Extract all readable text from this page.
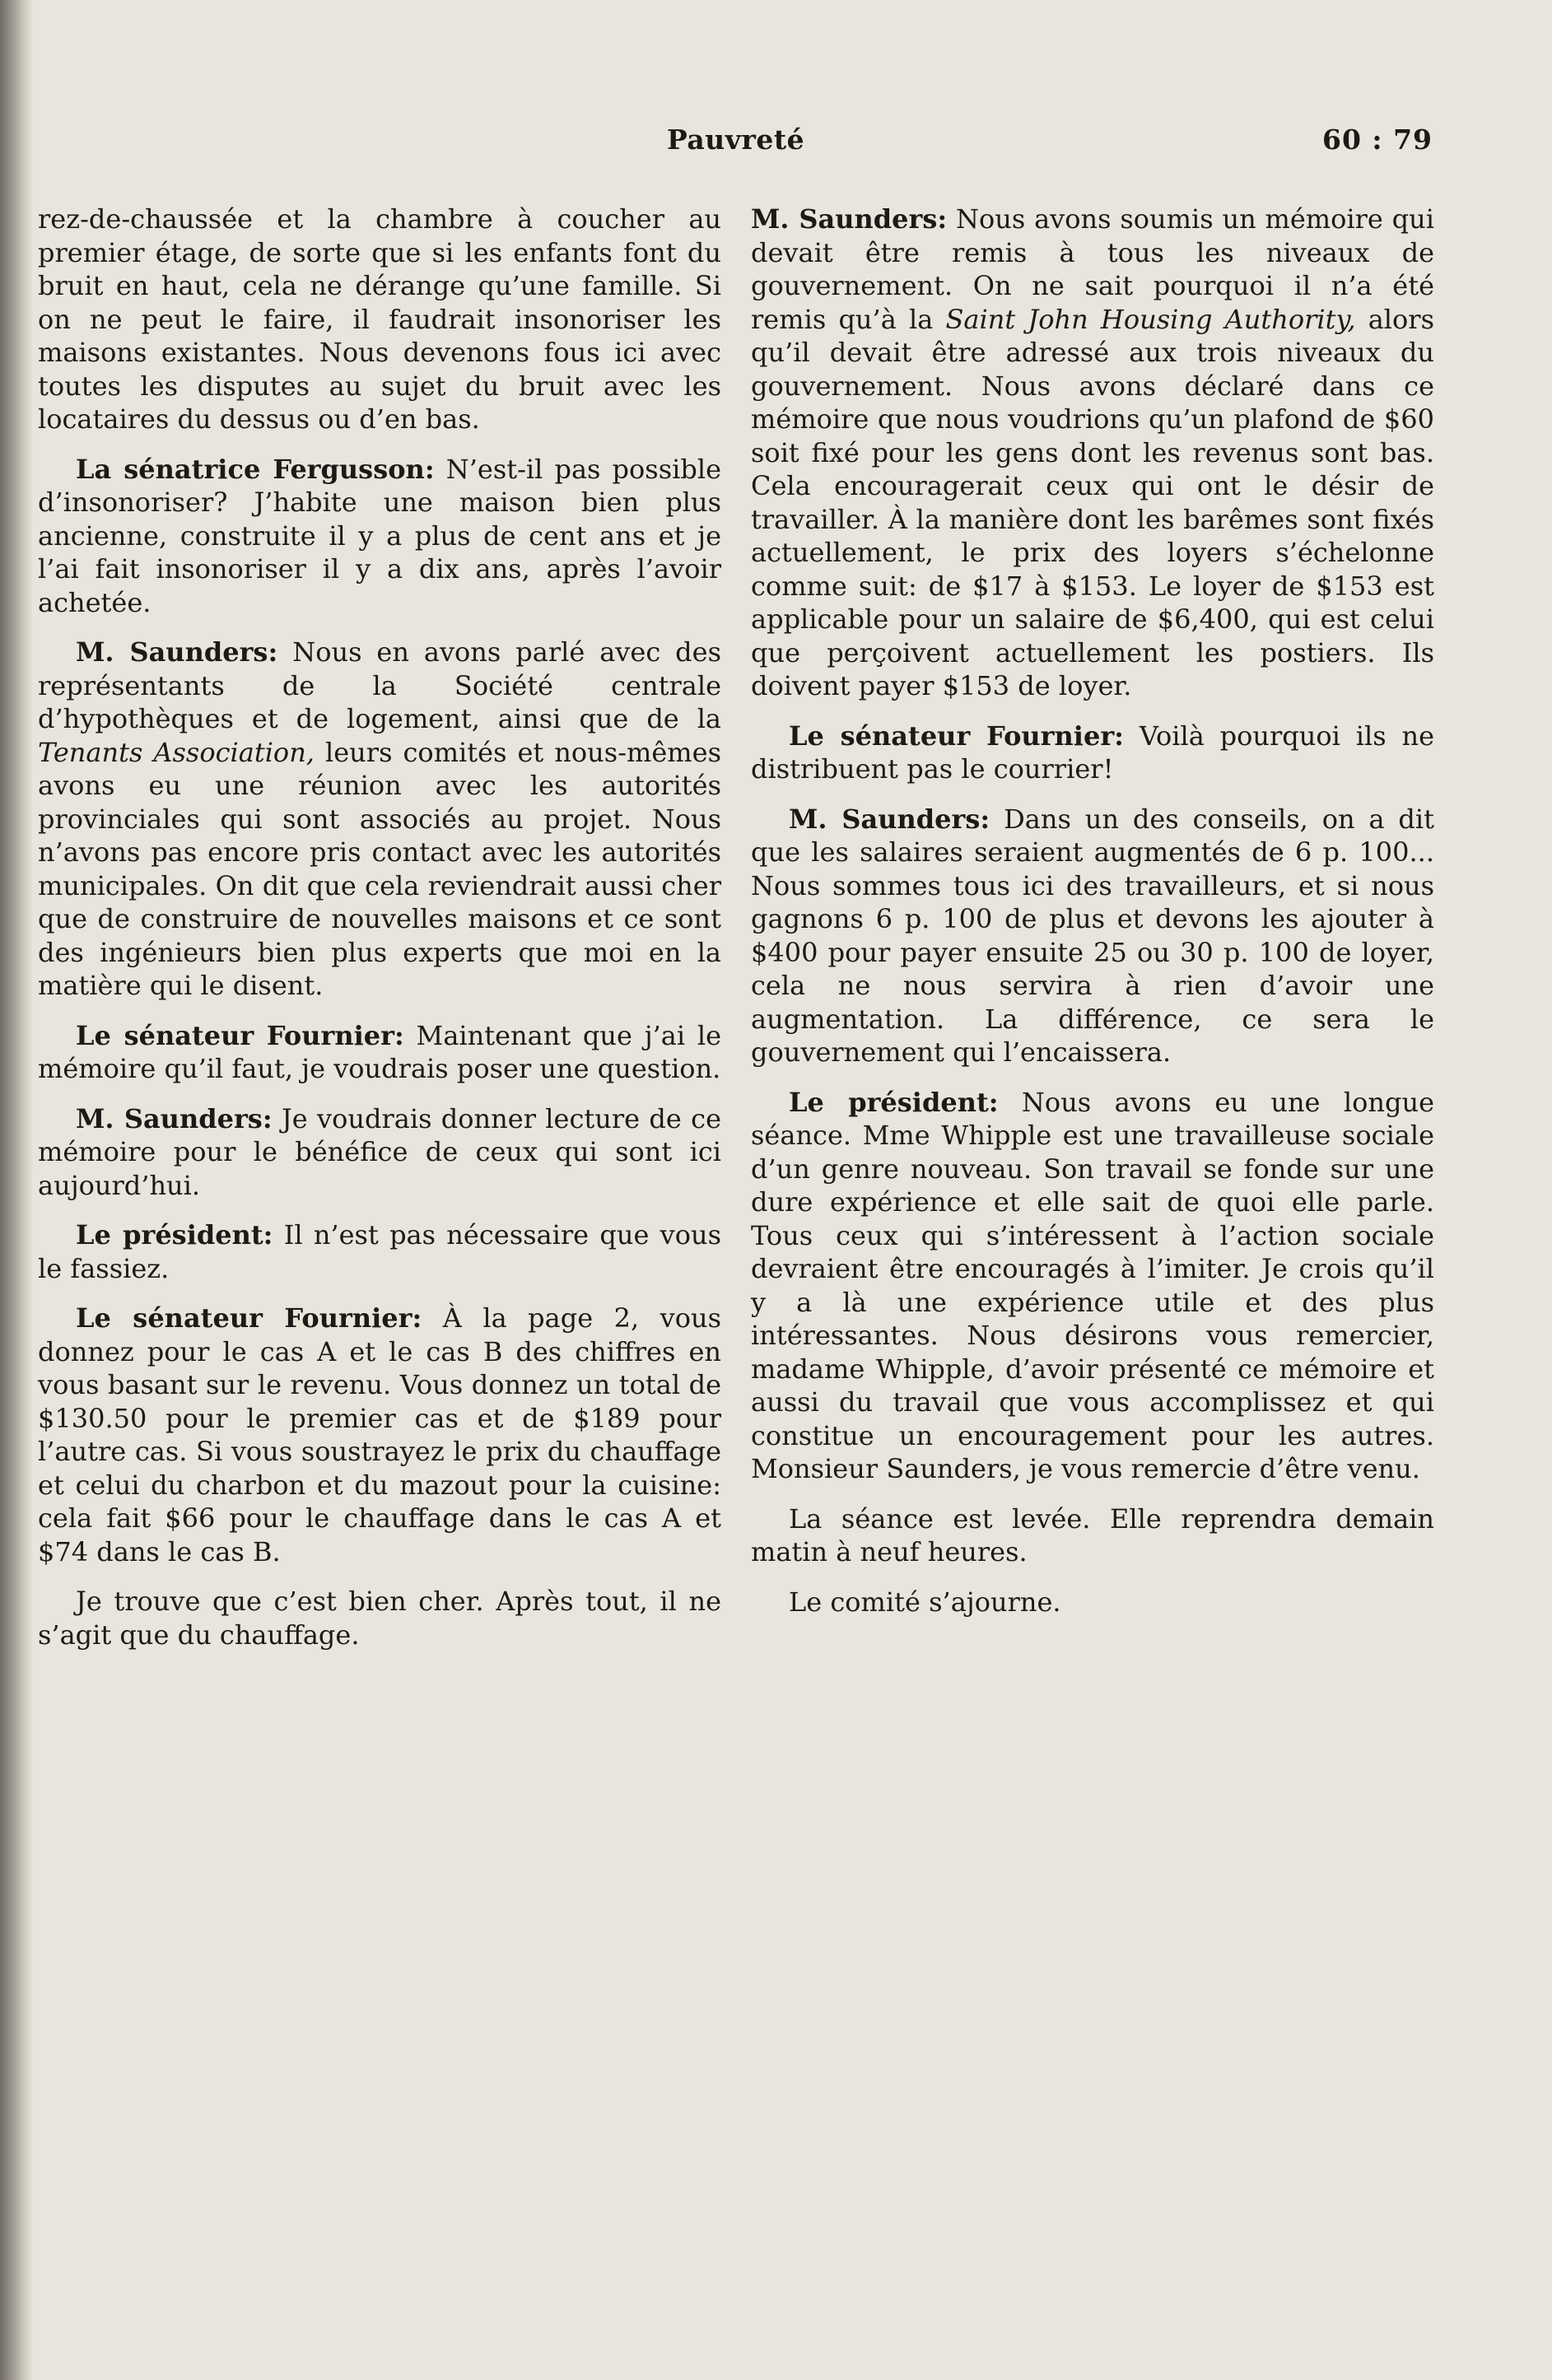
Pauvreté	60 : 79

rez-de-chaussée et la chambre à coucher au premier étage, de sorte que si les enfants font du bruit en haut, cela ne dérange qu’une famille. Si on ne peut le faire, il faudrait insonoriser les maisons existantes. Nous devenons fous ici avec toutes les disputes au sujet du bruit avec les locataires du dessus ou d’en bas.

La sénatrice Fergusson: N’est-il pas possible d’insonoriser? J’habite une maison bien plus ancienne, construite il y a plus de cent ans et je l’ai fait insonoriser il y a dix ans, après l’avoir achetée.

M. Saunders: Nous en avons parlé avec des représentants de la Société centrale d’hypothèques et de logement, ainsi que de la Tenants Association, leurs comités et nous-mêmes avons eu une réunion avec les autorités provinciales qui sont associés au projet. Nous n’avons pas encore pris contact avec les autorités municipales. On dit que cela reviendrait aussi cher que de construire de nouvelles maisons et ce sont des ingénieurs bien plus experts que moi en la matière qui le disent.

Le sénateur Fournier: Maintenant que j’ai le mémoire qu’il faut, je voudrais poser une question.

M. Saunders: Je voudrais donner lecture de ce mémoire pour le bénéfice de ceux qui sont ici aujourd’hui.

Le président: Il n’est pas nécessaire que vous le fassiez.

Le sénateur Fournier: À la page 2, vous donnez pour le cas A et le cas B des chiffres en vous basant sur le revenu. Vous donnez un total de $130.50 pour le premier cas et de $189 pour l’autre cas. Si vous soustrayez le prix du chauffage et celui du charbon et du mazout pour la cuisine: cela fait $66 pour le chauffage dans le cas A et $74 dans le cas B.

Je trouve que c’est bien cher. Après tout, il ne s’agit que du chauffage.

M. Saunders: Nous avons soumis un mémoire qui devait être remis à tous les niveaux de gouvernement. On ne sait pourquoi il n’a été remis qu’à la Saint John Housing Authority, alors qu’il devait être adressé aux trois niveaux du gouvernement. Nous avons déclaré dans ce mémoire que nous voudrions qu’un plafond de $60 soit fixé pour les gens dont les revenus sont bas. Cela encouragerait ceux qui ont le désir de travailler. À la manière dont les barêmes sont fixés actuellement, le prix des loyers s’échelonne comme suit: de $17 à $153. Le loyer de $153 est applicable pour un salaire de $6,400, qui est celui que perçoivent actuellement les postiers. Ils doivent payer $153 de loyer.

Le sénateur Fournier: Voilà pourquoi ils ne distribuent pas le courrier!

M. Saunders: Dans un des conseils, on a dit que les salaires seraient augmentés de 6 p. 100... Nous sommes tous ici des travailleurs, et si nous gagnons 6 p. 100 de plus et devons les ajouter à $400 pour payer ensuite 25 ou 30 p. 100 de loyer, cela ne nous servira à rien d’avoir une augmentation. La différence, ce sera le gouvernement qui l’encaissera.

Le président: Nous avons eu une longue séance. Mme Whipple est une travailleuse sociale d’un genre nouveau. Son travail se fonde sur une dure expérience et elle sait de quoi elle parle. Tous ceux qui s’intéressent à l’action sociale devraient être encouragés à l’imiter. Je crois qu’il y a là une expérience utile et des plus intéressantes. Nous désirons vous remercier, madame Whipple, d’avoir présenté ce mémoire et aussi du travail que vous accomplissez et qui constitue un encouragement pour les autres. Monsieur Saunders, je vous remercie d’être venu.

La séance est levée. Elle reprendra demain matin à neuf heures.

Le comité s’ajourne.
